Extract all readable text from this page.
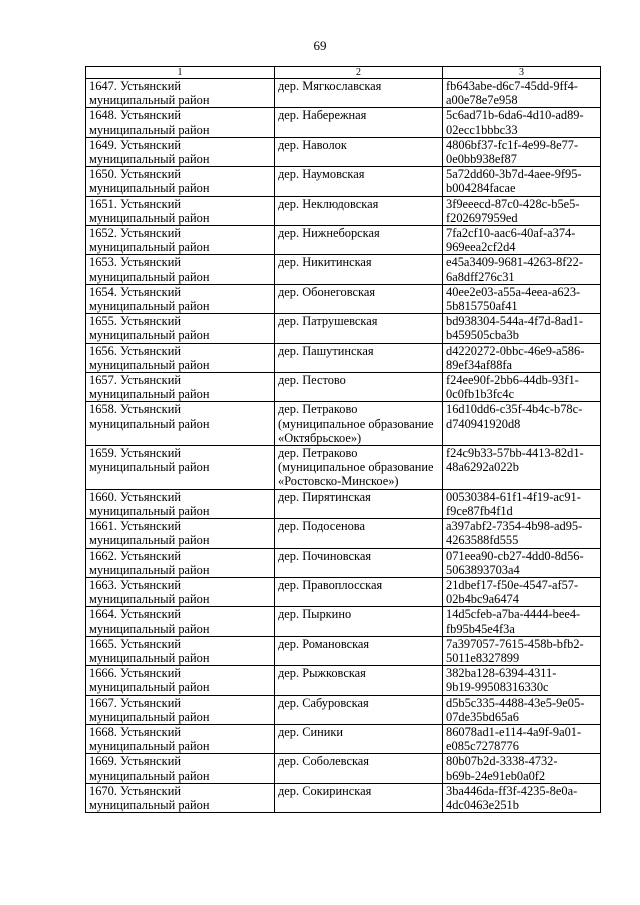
69
1	2	3

1647. Устьянский
муниципальный район	дер. Мягкославская	fb643abe-d6c7-45dd-9ff4-
a00e78e7e958

1648. Устьянский
муниципальный район	дер. Набережная	5c6ad71b-6da6-4d10-ad89-
02ecc1bbbc33

1649. Устьянский
муниципальный район	дер. Наволок	4806bf37-fc1f-4e99-8e77-
0e0bb938ef87

1650. Устьянский
муниципальный район	дер. Наумовская	5a72dd60-3b7d-4aee-9f95-
b004284facae

1651. Устьянский
муниципальный район	дер. Неклюдовская	3f9eeecd-87c0-428c-b5e5-
f202697959ed

1652. Устьянский
муниципальный район	дер. Нижнеборская	7fa2cf10-aac6-40af-a374-
969eea2cf2d4

1653. Устьянский
муниципальный район	дер. Никитинская	e45a3409-9681-4263-8f22-
6a8dff276c31

1654. Устьянский
муниципальный район	дер. Обонеговская	40ee2e03-a55a-4eea-a623-
5b815750af41

1655. Устьянский
муниципальный район	дер. Патрушевская	bd938304-544a-4f7d-8ad1-
b459505cba3b

1656. Устьянский
муниципальный район	дер. Пашутинская	d4220272-0bbc-46e9-a586-
89ef34af88fa

1657. Устьянский
муниципальный район	дер. Пестово	f24ee90f-2bb6-44db-93f1-
0c0fb1b3fc4c

1658. Устьянский
муниципальный район	дер. Петраково
(муниципальное образование
«Октябрьское»)	16d10dd6-c35f-4b4c-b78c-
d740941920d8

1659. Устьянский
муниципальный район	дер. Петраково
(муниципальное образование
«Ростовско-Минское»)	f24c9b33-57bb-4413-82d1-
48a6292a022b

1660. Устьянский
муниципальный район	дер. Пирятинская	00530384-61f1-4f19-ac91-
f9ce87fb4f1d

1661. Устьянский
муниципальный район	дер. Подосенова	a397abf2-7354-4b98-ad95-
4263588fd555

1662. Устьянский
муниципальный район	дер. Починовская	071eea90-cb27-4dd0-8d56-
5063893703a4

1663. Устьянский
муниципальный район	дер. Правоплосская	21dbef17-f50e-4547-af57-
02b4bc9a6474

1664. Устьянский
муниципальный район	дер. Пыркино	14d5cfeb-a7ba-4444-bee4-
fb95b45e4f3a

1665. Устьянский
муниципальный район	дер. Романовская	7a397057-7615-458b-bfb2-
5011e8327899

1666. Устьянский
муниципальный район	дер. Рыжковская	382ba128-6394-4311-
9b19-99508316330c

1667. Устьянский
муниципальный район	дер. Сабуровская	d5b5c335-4488-43e5-9e05-
07de35bd65a6

1668. Устьянский
муниципальный район	дер. Синики	86078ad1-e114-4a9f-9a01-
e085c7278776

1669. Устьянский
муниципальный район	дер. Соболевская	80b07b2d-3338-4732-
b69b-24e91eb0a0f2

1670. Устьянский
муниципальный район	дер. Сокиринская	3ba446da-ff3f-4235-8e0a-
4dc0463e251b
